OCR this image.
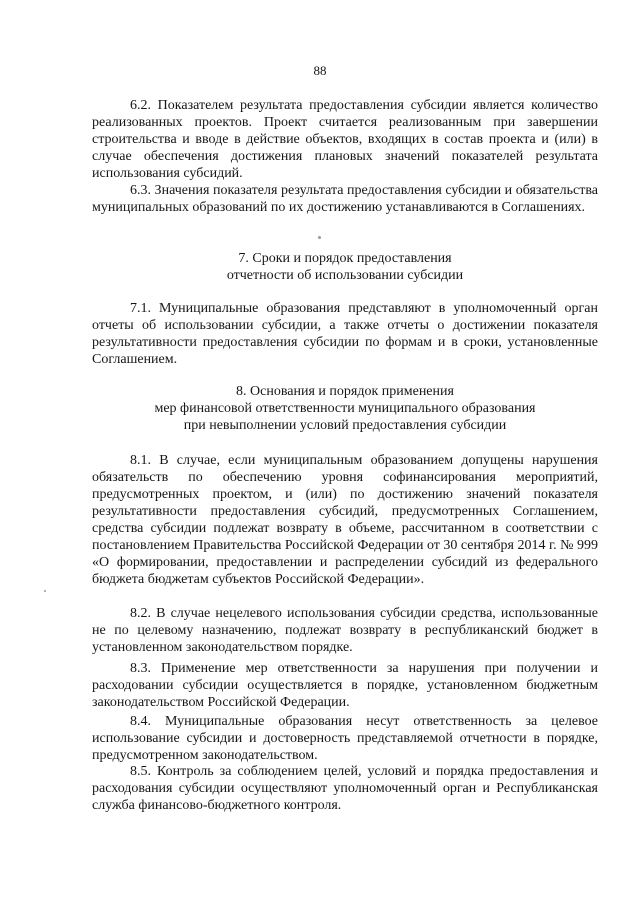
88

6.2. Показателем результата предоставления субсидии является количество реализованных проектов. Проект считается реализованным при завершении строительства и вводе в действие объектов, входящих в состав проекта и (или) в случае обеспечения достижения плановых значений показателей результата использования субсидий.

6.3. Значения показателя результата предоставления субсидии и обязательства муниципальных образований по их достижению устанавливаются в Соглашениях.

7. Сроки и порядок предоставления

отчетности об использовании субсидии

7.1. Муниципальные образования представляют в уполномоченный орган отчеты об использовании субсидии, а также отчеты о достижении показателя результативности предоставления субсидии по формам и в сроки, установленные Соглашением.

8. Основания и порядок применения

мер финансовой ответственности муниципального образования

при невыполнении условий предоставления субсидии

8.1. В случае, если муниципальным образованием допущены нарушения обязательств по обеспечению уровня софинансирования мероприятий, предусмотренных проектом, и (или) по достижению значений показателя результативности предоставления субсидий, предусмотренных Соглашением, средства субсидии подлежат возврату в объеме, рассчитанном в соответствии с постановлением Правительства Российской Федерации от 30 сентября 2014 г. № 999 «О формировании, предоставлении и распределении субсидий из федерального бюджета бюджетам субъектов Российской Федерации».

8.2. В случае нецелевого использования субсидии средства, использованные не по целевому назначению, подлежат возврату в республиканский бюджет в установленном законодательством порядке.

8.3. Применение мер ответственности за нарушения при получении и расходовании субсидии осуществляется в порядке, установленном бюджетным законодательством Российской Федерации.

8.4. Муниципальные образования несут ответственность за целевое использование субсидии и достоверность представляемой отчетности в порядке, предусмотренном законодательством.

8.5. Контроль за соблюдением целей, условий и порядка предоставления и расходования субсидии осуществляют уполномоченный орган и Республиканская служба финансово-бюджетного контроля.
